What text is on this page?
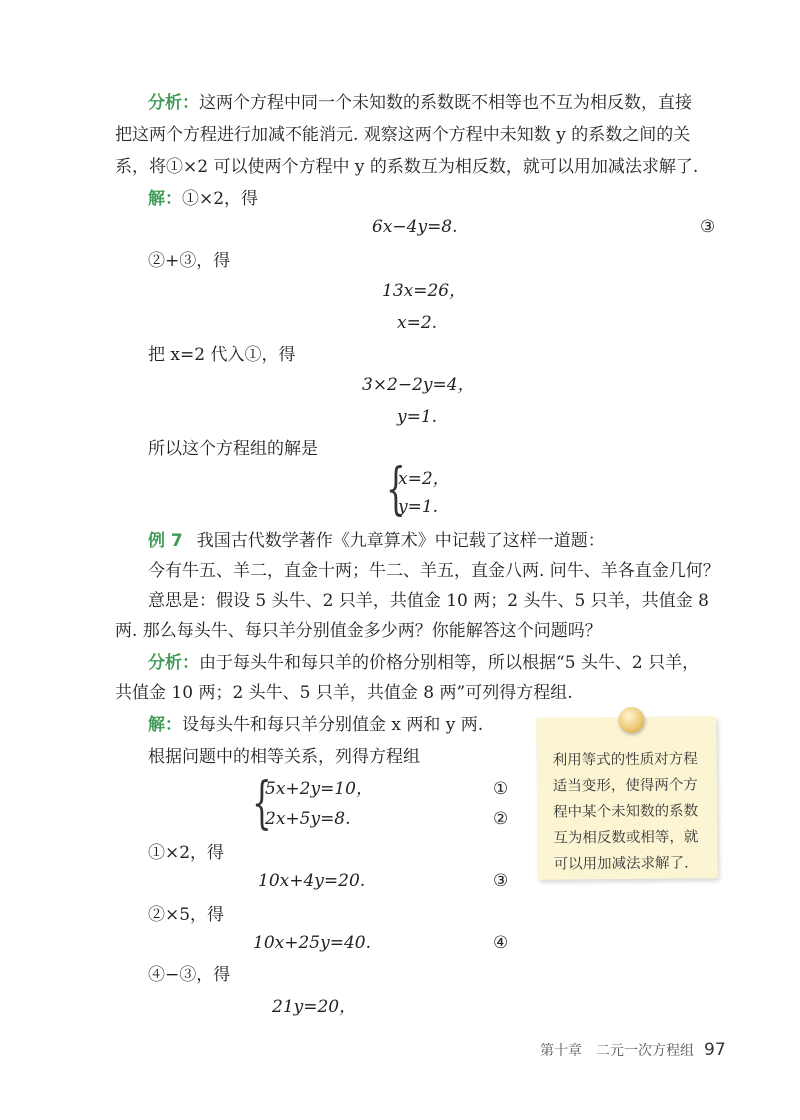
分析：这两个方程中同一个未知数的系数既不相等也不互为相反数，直接
把这两个方程进行加减不能消元. 观察这两个方程中未知数 y 的系数之间的关
系，将①×2 可以使两个方程中 y 的系数互为相反数，就可以用加减法求解了.
解：①×2，得
6x−4y=8.	③
②+③，得
13x=26，
x=2.
把 x=2 代入①，得
3×2−2y=4，
y=1.
所以这个方程组的解是
{
x=2，
y=1.
例 7 我国古代数学著作《九章算术》中记载了这样一道题：
今有牛五、羊二，直金十两；牛二、羊五，直金八两. 问牛、羊各直金几何？
意思是：假设 5 头牛、2 只羊，共值金 10 两；2 头牛、5 只羊，共值金 8
两. 那么每头牛、每只羊分别值金多少两？你能解答这个问题吗？
分析：由于每头牛和每只羊的价格分别相等，所以根据“5 头牛、2 只羊，
共值金 10 两；2 头牛、5 只羊，共值金 8 两”可列得方程组.
解：设每头牛和每只羊分别值金 x 两和 y 两.
根据问题中的相等关系，列得方程组
{
5x+2y=10，	①
2x+5y=8.	②
①×2，得
10x+4y=20.	③
②×5，得
10x+25y=40.	④
④−③，得
21y=20，
利用等式的性质对方程适当变形，使得两个方程中某个未知数的系数互为相反数或相等，就可以用加减法求解了.
第十章　二元一次方程组 97
